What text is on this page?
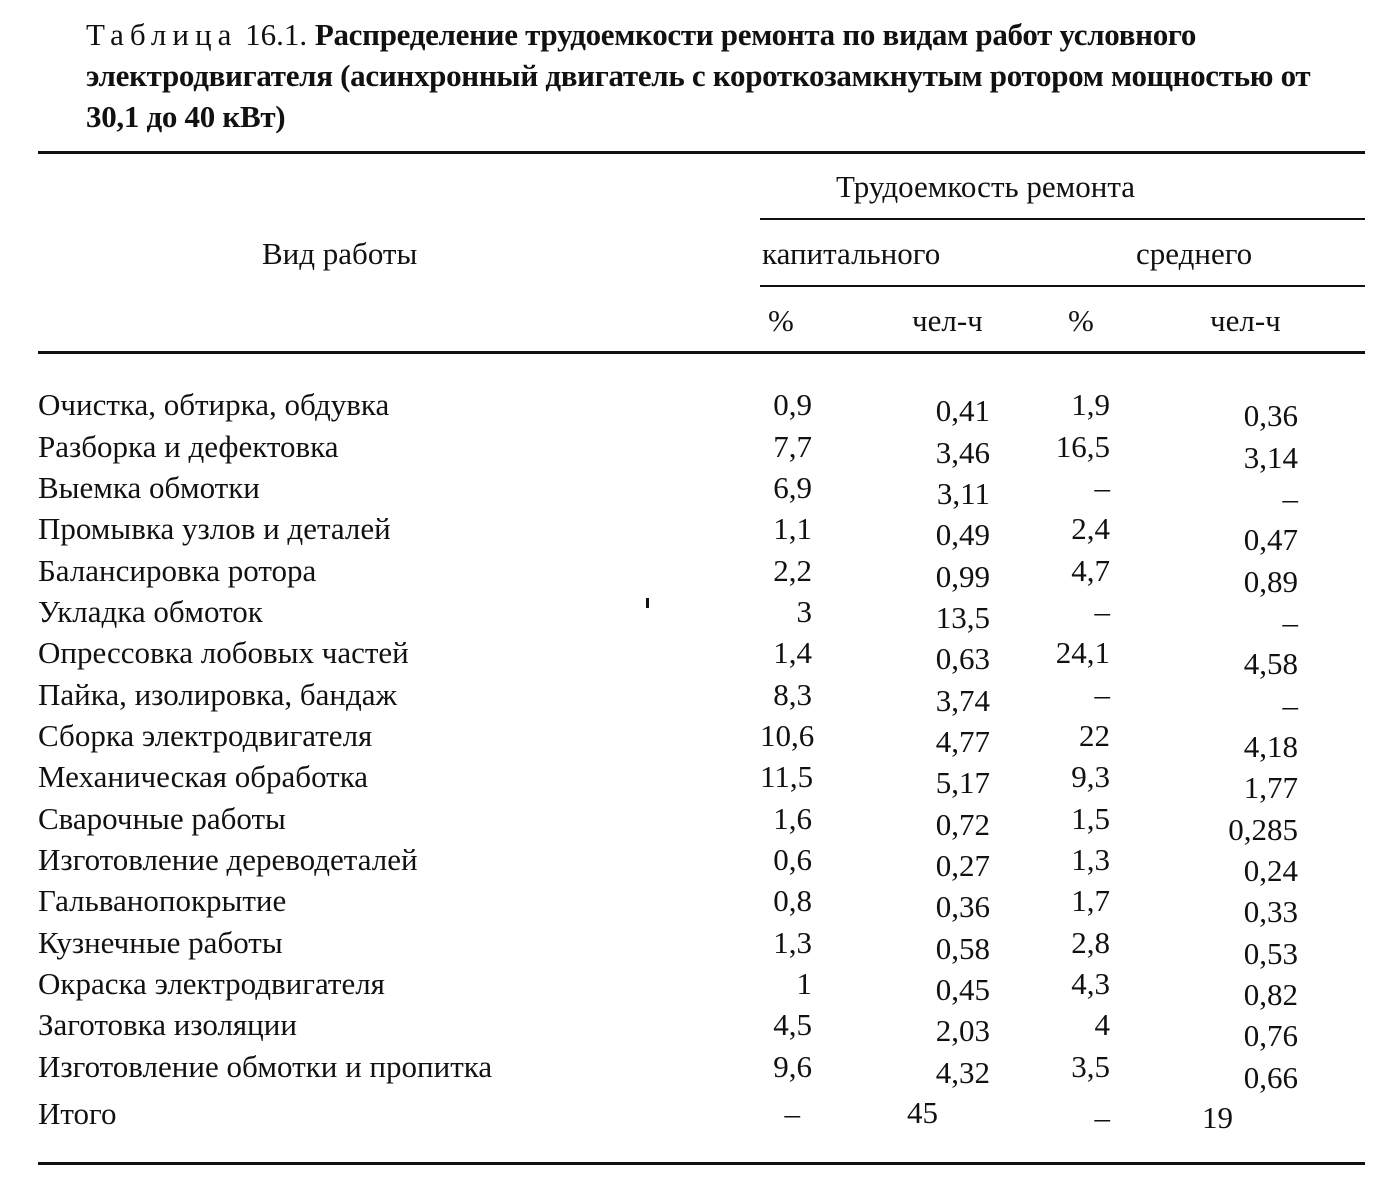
Таблица 16.1. Распределение трудоемкости ремонта по видам работ условного электродвигателя (асинхронный двигатель с короткозамкнутым ротором мощностью от 30,1 до 40 кВт)
Трудоемкость ремонта
Вид работы	капитального	среднего
%	чел-ч	%	чел-ч
Очистка, обтирка, обдувка	0,9	0,41	1,9	0,36
Разборка и дефектовка	7,7	3,46	16,5	3,14
Выемка обмотки	6,9	3,11	–	–
Промывка узлов и деталей	1,1	0,49	2,4	0,47
Балансировка ротора	2,2	0,99	4,7	0,89
Укладка обмоток	3	13,5	–	–
Опрессовка лобовых частей	1,4	0,63	24,1	4,58
Пайка, изолировка, бандаж	8,3	3,74	–	–
Сборка электродвигателя	10,6	4,77	22	4,18
Механическая обработка	11,5	5,17	9,3	1,77
Сварочные работы	1,6	0,72	1,5	0,285
Изготовление дереводеталей	0,6	0,27	1,3	0,24
Гальванопокрытие	0,8	0,36	1,7	0,33
Кузнечные работы	1,3	0,58	2,8	0,53
Окраска электродвигателя	1	0,45	4,3	0,82
Заготовка изоляции	4,5	2,03	4	0,76
Изготовление обмотки и пропитка	9,6	4,32	3,5	0,66
Итого	–	45	–	19
